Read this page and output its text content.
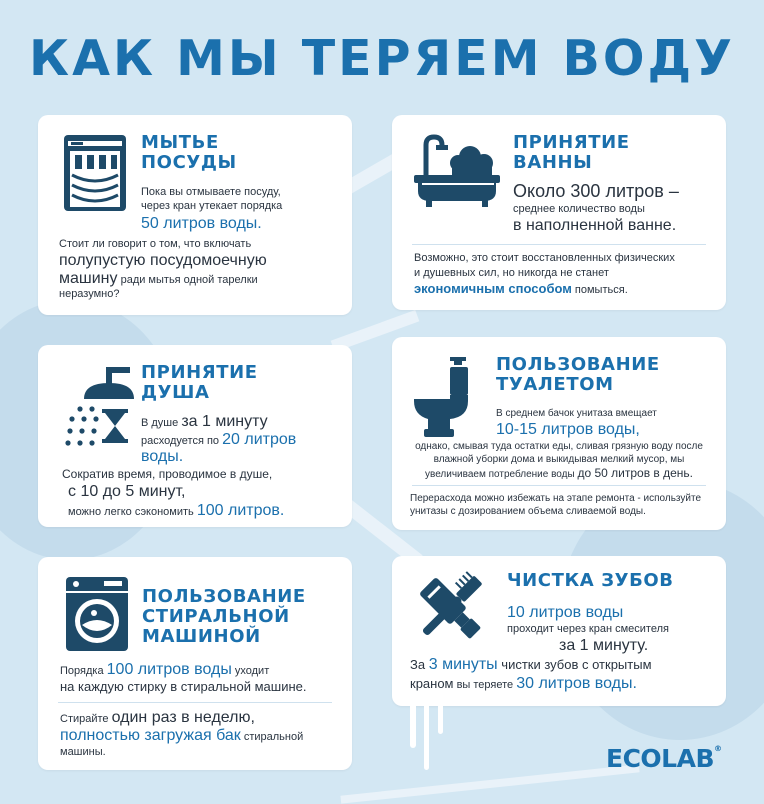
КАК МЫ ТЕРЯЕМ ВОДУ
МЫТЬЕ
ПОСУДЫ
Пока вы отмываете посуду,
через кран утекает порядка
50 литров воды.
Стоит ли говорит о том, что включать
полупустую посудомоечную
машину ради мытья одной тарелки
неразумно?
ПРИНЯТИЕ
ВАННЫ
Около 300 литров –
среднее количество воды
в наполненной ванне.
Возможно, это стоит восстановленных физических
и душевных сил, но никогда не станет
экономичным способом помыться.
ПРИНЯТИЕ
ДУША
В душе за 1 минуту
расходуется по 20 литров
воды.
Сократив время, проводимое в душе,
с 10 до 5 минут,
можно легко сэкономить 100 литров.
ПОЛЬЗОВАНИЕ
ТУАЛЕТОМ
В среднем бачок унитаза вмещает
10-15 литров воды,
однако, смывая туда остатки еды, сливая грязную воду после
влажной уборки дома и выкидывая мелкий мусор, мы
увеличиваем потребление воды до 50 литров в день.
Перерасхода можно избежать на этапе ремонта - используйте
унитазы с дозированием объема сливаемой воды.
ПОЛЬЗОВАНИЕ
СТИРАЛЬНОЙ
МАШИНОЙ
Порядка 100 литров воды уходит
на каждую стирку в стиральной машине.
Стирайте один раз в неделю,
полностью загружая бак стиральной
машины.
ЧИСТКА ЗУБОВ
10 литров воды
проходит через кран смесителя
за 1 минуту.
За 3 минуты чистки зубов с открытым
краном вы теряете 30 литров воды.
ECOLAB®
